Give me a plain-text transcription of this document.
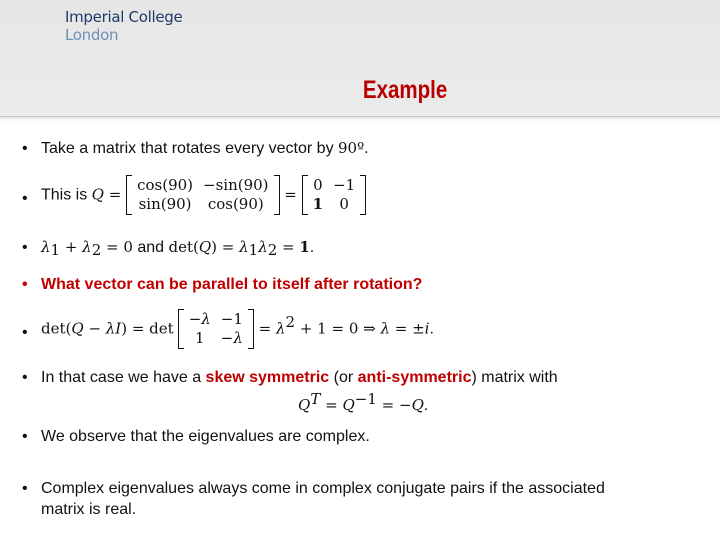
Imperial College
London
Example
• Take a matrix that rotates every vector by 90º.
• This is Q =
cos(90)	−sin(90)
sin(90)	cos(90)
=
0	−1
1	0
• $\lambda_1 + \lambda_2 = 0$ and $\det(Q) = \lambda_1\lambda_2 = 1$.
• What vector can be parallel to itself after rotation?
• det(Q − λI) = det
−λ	−1
1	−λ
= $\lambda^2 + 1 = 0$ ⇒ λ = ±i.
• In that case we have a skew symmetric (or anti-symmetric) matrix with
$Q^T = Q^{-1} = -Q$.
• We observe that the eigenvalues are complex.
• Complex eigenvalues always come in complex conjugate pairs if the associated
matrix is real.
